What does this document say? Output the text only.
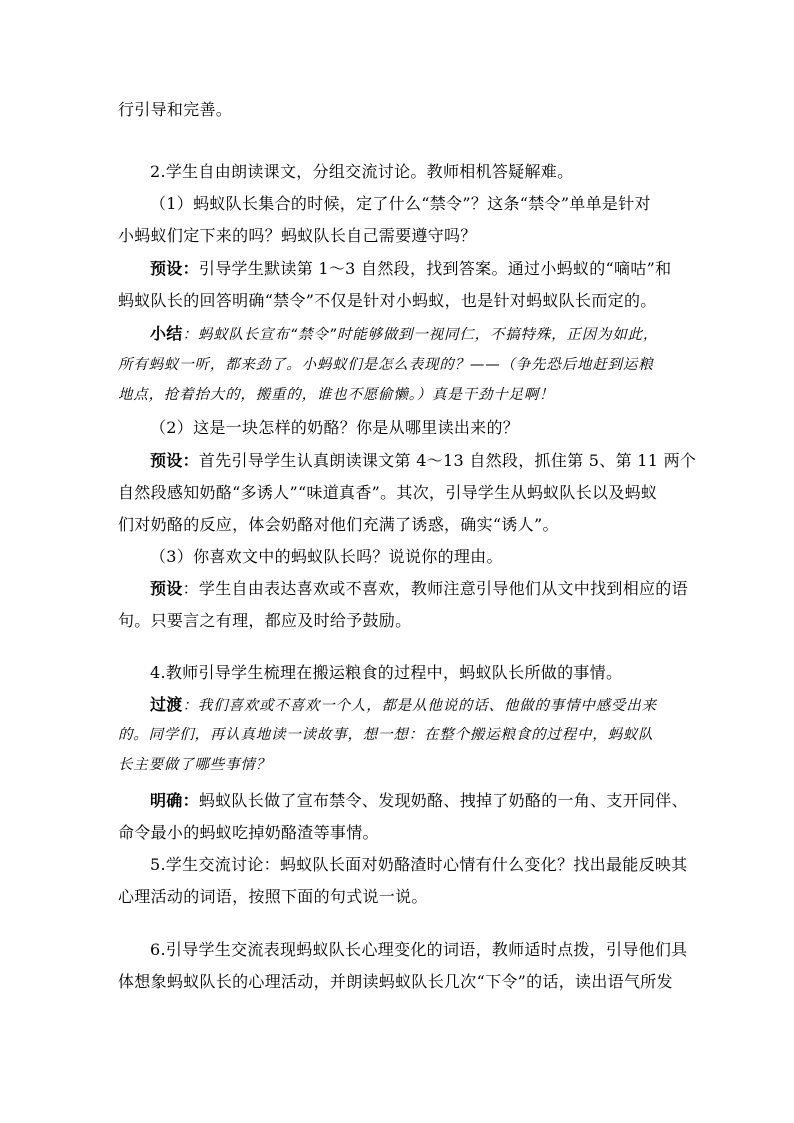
行引导和完善。
2.学生自由朗读课文，分组交流讨论。教师相机答疑解难。
（1）蚂蚁队长集合的时候，定了什么“禁令”？这条“禁令”单单是针对
小蚂蚁们定下来的吗？蚂蚁队长自己需要遵守吗？
预设：引导学生默读第 1～3 自然段，找到答案。通过小蚂蚁的“嘀咕”和
蚂蚁队长的回答明确“禁令”不仅是针对小蚂蚁，也是针对蚂蚁队长而定的。
小结：蚂蚁队长宣布“禁令”时能够做到一视同仁，不搞特殊，正因为如此，
所有蚂蚁一听，都来劲了。小蚂蚁们是怎么表现的？——（争先恐后地赶到运粮
地点，抢着抬大的，搬重的，谁也不愿偷懒。）真是干劲十足啊！
（2）这是一块怎样的奶酪？你是从哪里读出来的？
预设：首先引导学生认真朗读课文第 4～13 自然段，抓住第 5、第 11 两个
自然段感知奶酪“多诱人”“味道真香”。其次，引导学生从蚂蚁队长以及蚂蚁
们对奶酪的反应，体会奶酪对他们充满了诱惑，确实“诱人”。
（3）你喜欢文中的蚂蚁队长吗？说说你的理由。
预设：学生自由表达喜欢或不喜欢，教师注意引导他们从文中找到相应的语
句。只要言之有理，都应及时给予鼓励。
4.教师引导学生梳理在搬运粮食的过程中，蚂蚁队长所做的事情。
过渡：我们喜欢或不喜欢一个人，都是从他说的话、他做的事情中感受出来
的。同学们，再认真地读一读故事，想一想：在整个搬运粮食的过程中，蚂蚁队
长主要做了哪些事情？
明确：蚂蚁队长做了宣布禁令、发现奶酪、拽掉了奶酪的一角、支开同伴、
命令最小的蚂蚁吃掉奶酪渣等事情。
5.学生交流讨论：蚂蚁队长面对奶酪渣时心情有什么变化？找出最能反映其
心理活动的词语，按照下面的句式说一说。
6.引导学生交流表现蚂蚁队长心理变化的词语，教师适时点拨，引导他们具
体想象蚂蚁队长的心理活动，并朗读蚂蚁队长几次“下令”的话，读出语气所发
